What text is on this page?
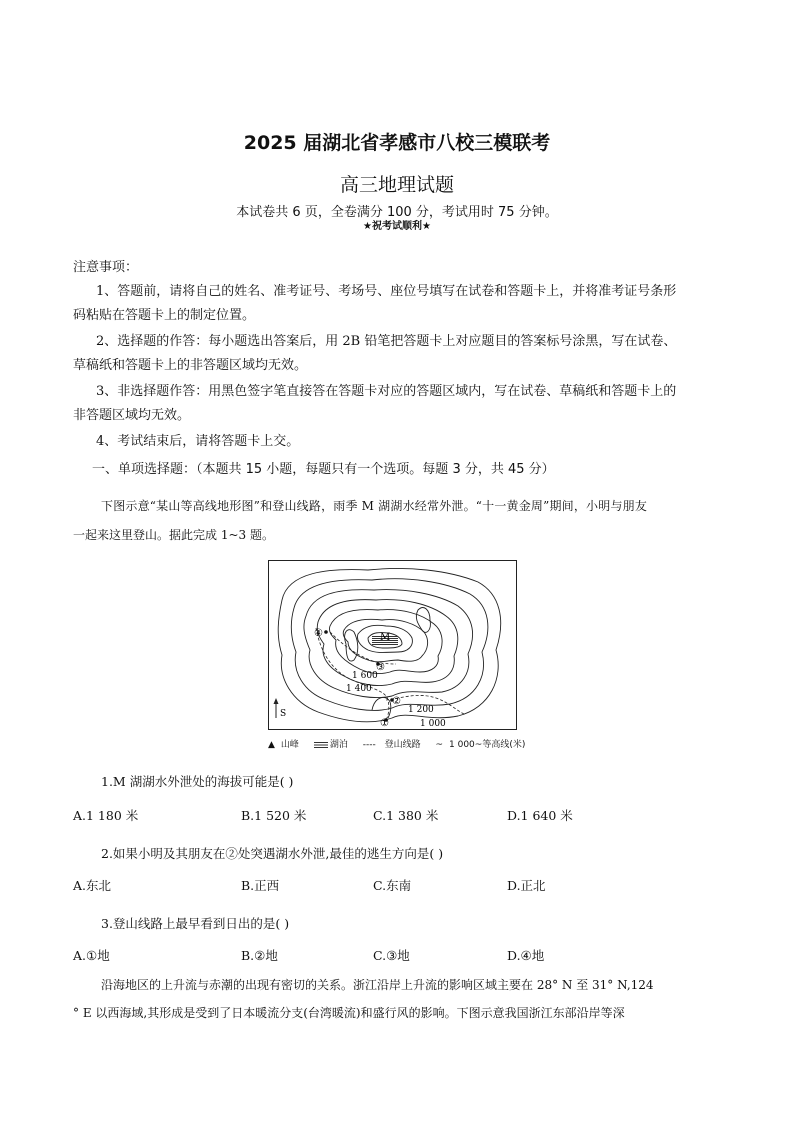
2025 届湖北省孝感市八校三模联考
高三地理试题
本试卷共 6 页，全卷满分 100 分，考试用时 75 分钟。
★祝考试顺利★
注意事项：
1、答题前，请将自己的姓名、准考证号、考场号、座位号填写在试卷和答题卡上，并将准考证号条形
码粘贴在答题卡上的制定位置。
2、选择题的作答：每小题选出答案后，用 2B 铅笔把答题卡上对应题目的答案标号涂黑，写在试卷、
草稿纸和答题卡上的非答题区域均无效。
3、非选择题作答：用黑色签字笔直接答在答题卡对应的答题区域内，写在试卷、草稿纸和答题卡上的
非答题区域均无效。
4、考试结束后，请将答题卡上交。
一、单项选择题：（本题共 15 小题，每题只有一个选项。每题 3 分，共 45 分）
下图示意“某山等高线地形图”和登山线路，雨季 M 湖湖水经常外泄。“十一黄金周”期间，小明与朋友
一起来这里登山。据此完成 1~3 题。
M
①
②
③
④
1 600
1 400
1 200
1 000
S
▲ 山峰	湖泊 ---- 登山线路 ~ 1 000~等高线(米)
1.M 湖湖水外泄处的海拔可能是( )
A.1 180 米	B.1 520 米	C.1 380 米	D.1 640 米
2.如果小明及其朋友在②处突遇湖水外泄,最佳的逃生方向是( )
A.东北	B.正西	C.东南	D.正北
3.登山线路上最早看到日出的是( )
A.①地	B.②地	C.③地	D.④地
沿海地区的上升流与赤潮的出现有密切的关系。浙江沿岸上升流的影响区域主要在 28° N 至 31° N,124
° E 以西海域,其形成是受到了日本暖流分支(台湾暖流)和盛行风的影响。下图示意我国浙江东部沿岸等深
